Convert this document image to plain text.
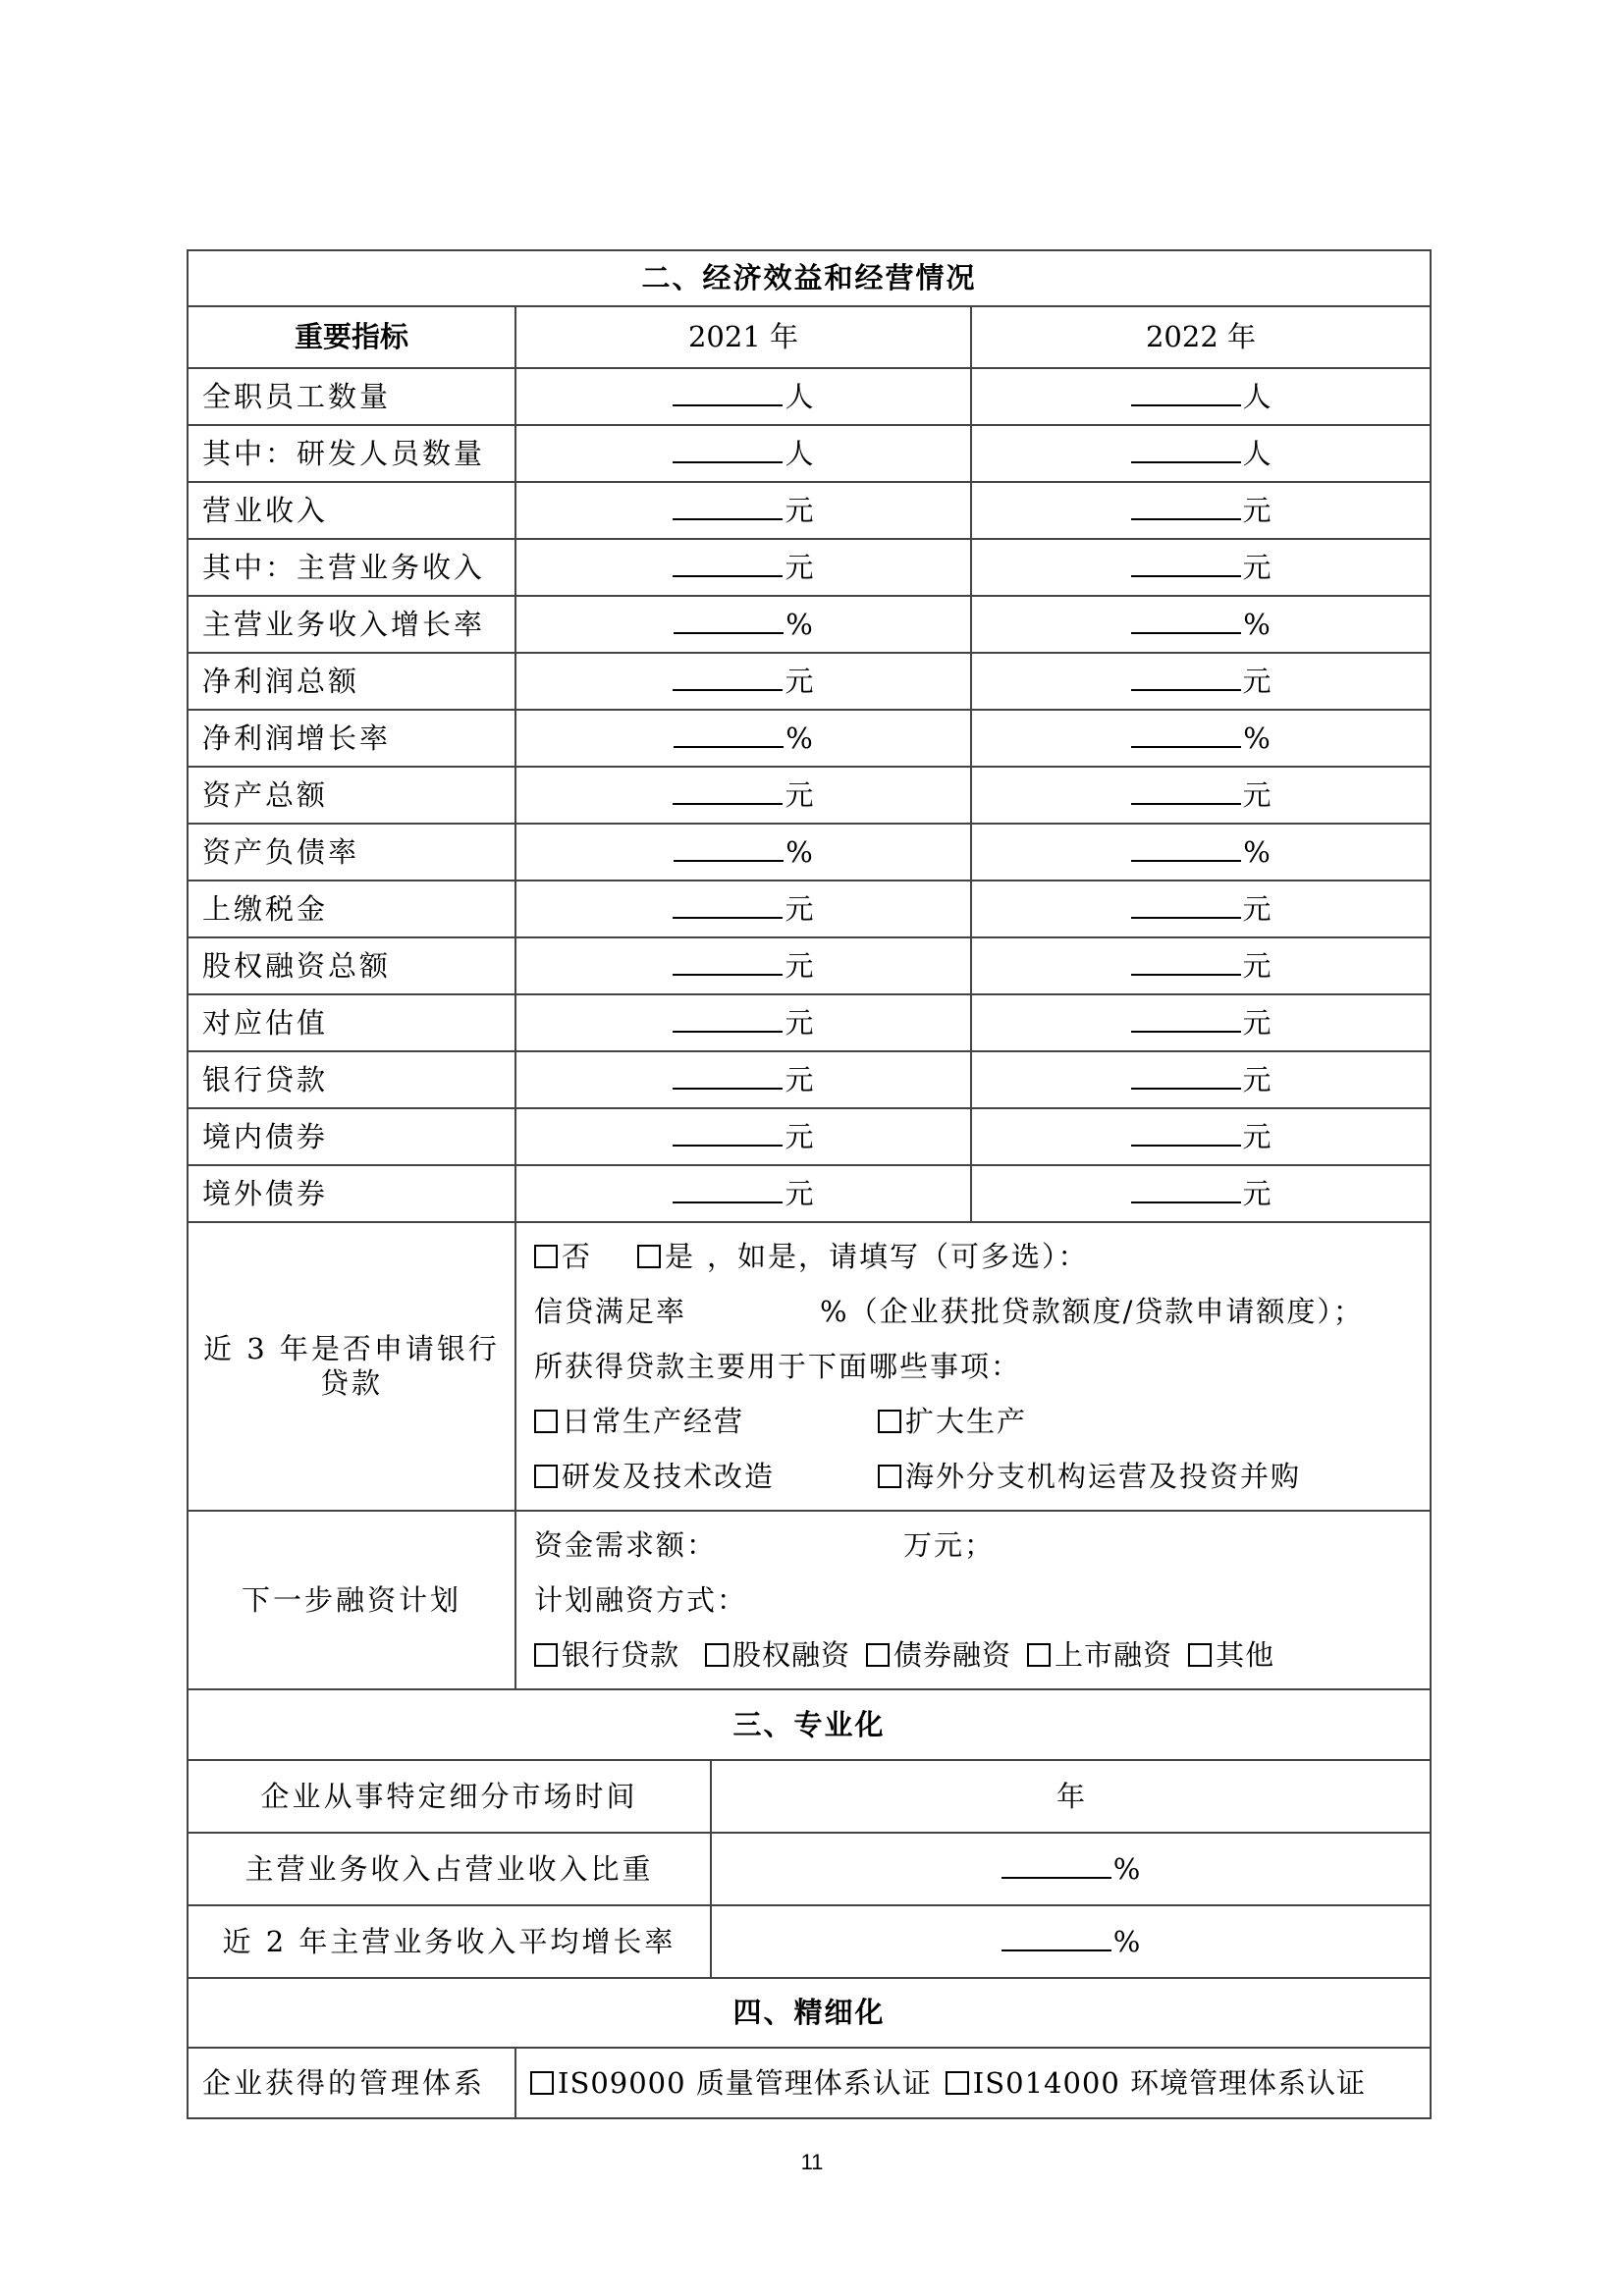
二、经济效益和经营情况			
重要指标	2021 年		2022 年
全职员工数量	人		人
其中：研发人员数量	人		人
营业收入	元		元
其中：主营业务收入	元		元
主营业务收入增长率	%		%
净利润总额	元		元
净利润增长率	%		%
资产总额	元		元
资产负债率	%		%
上缴税金	元		元
股权融资总额	元		元
对应估值	元		元
银行贷款	元		元
境内债券	元		元
境外债券	元		元
近 3 年是否申请银行贷款	否 是 ，如是，请填写（可多选）：
信贷满足率 %（企业获批贷款额度/贷款申请额度）；
所获得贷款主要用于下面哪些事项：
日常生产经营 扩大生产
研发及技术改造 海外分支机构运营及投资并购		

下一步融资计划	资金需求额： 万元；
计划融资方式：
银行贷款 股权融资 债券融资 上市融资 其他		

三、专业化			
企业从事特定细分市场时间		年	
主营业务收入占营业收入比重		%	
近 2 年主营业务收入平均增长率		%	
四、精细化			
企业获得的管理体系	IS09000 质量管理体系认证 IS014000 环境管理体系认证		
11
